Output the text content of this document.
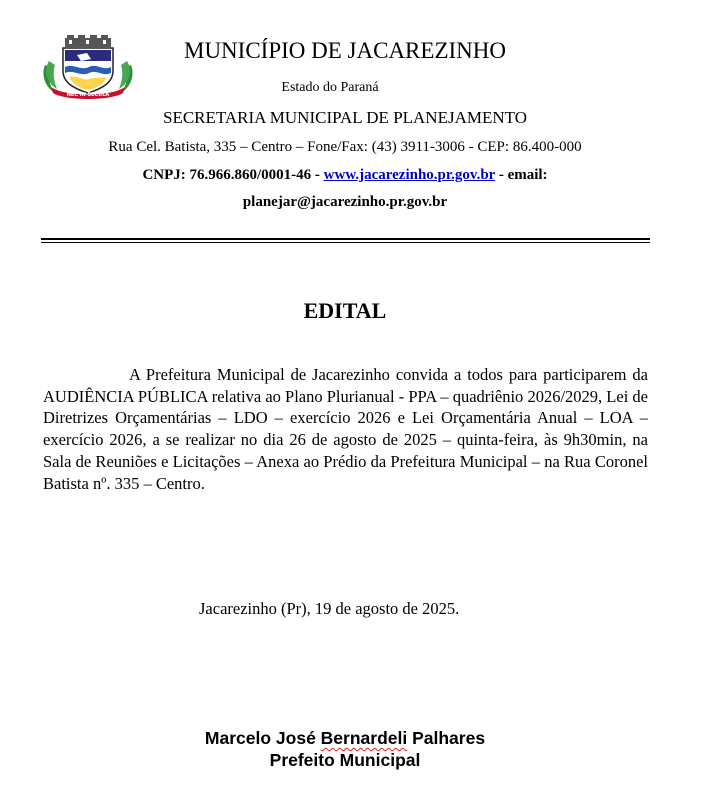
NEC IN SECULA
MUNICÍPIO DE JACAREZINHO
Estado do Paraná
SECRETARIA MUNICIPAL DE PLANEJAMENTO
Rua Cel. Batista, 335 – Centro – Fone/Fax: (43) 3911-3006 - CEP: 86.400-000
CNPJ: 76.966.860/0001-46 - www.jacarezinho.pr.gov.br - email:
planejar@jacarezinho.pr.gov.br
EDITAL
A Prefeitura Municipal de Jacarezinho convida a todos para participarem da AUDIÊNCIA PÚBLICA relativa ao Plano Plurianual - PPA – quadriênio 2026/2029, Lei de Diretrizes Orçamentárias – LDO – exercício 2026 e Lei Orçamentária Anual – LOA – exercício 2026, a se realizar no dia 26 de agosto de 2025 – quinta-feira, às 9h30min, na Sala de Reuniões e Licitações – Anexa ao Prédio da Prefeitura Municipal – na Rua Coronel Batista nº. 335 – Centro.
Jacarezinho (Pr), 19 de agosto de 2025.
Marcelo José Bernardeli Palhares
Prefeito Municipal
